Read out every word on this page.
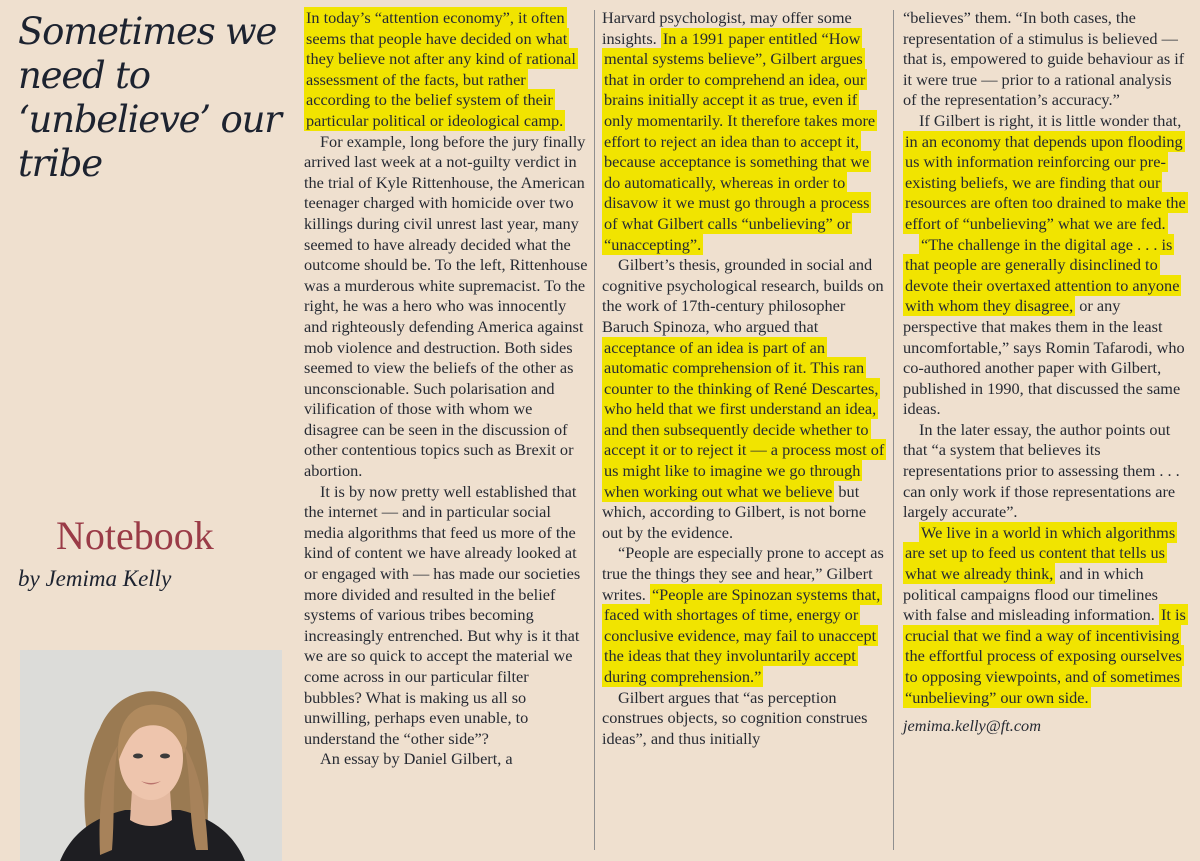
Sometimes we need to ‘unbelieve’ our tribe
Notebook
by Jemima Kelly

In today’s “attention economy”, it often seems that people have decided on what they believe not after any kind of rational assessment of the facts, but rather according to the belief system of their particular political or ideological camp.

For example, long before the jury finally arrived last week at a not-guilty verdict in the trial of Kyle Rittenhouse, the American teenager charged with homicide over two killings during civil unrest last year, many seemed to have already decided what the outcome should be. To the left, Rittenhouse was a murderous white supremacist. To the right, he was a hero who was innocently and righteously defending America against mob violence and destruction. Both sides seemed to view the beliefs of the other as unconscionable. Such polarisation and vilification of those with whom we disagree can be seen in the discussion of other contentious topics such as Brexit or abortion.

It is by now pretty well established that the internet — and in particular social media algorithms that feed us more of the kind of content we have already looked at or engaged with — has made our societies more divided and resulted in the belief systems of various tribes becoming increasingly entrenched. But why is it that we are so quick to accept the material we come across in our particular filter bubbles? What is making us all so unwilling, perhaps even unable, to understand the “other side”?

An essay by Daniel Gilbert, a

Harvard psychologist, may offer some insights. In a 1991 paper entitled “How mental systems believe”, Gilbert argues that in order to comprehend an idea, our brains initially accept it as true, even if only momentarily. It therefore takes more effort to reject an idea than to accept it, because acceptance is something that we do automatically, whereas in order to disavow it we must go through a process of what Gilbert calls “unbelieving” or “unaccepting”.

Gilbert’s thesis, grounded in social and cognitive psychological research, builds on the work of 17th-century philosopher Baruch Spinoza, who argued that acceptance of an idea is part of an automatic comprehension of it. This ran counter to the thinking of René Descartes, who held that we first understand an idea, and then subsequently decide whether to accept it or to reject it — a process most of us might like to imagine we go through when working out what we believe but which, according to Gilbert, is not borne out by the evidence.

“People are especially prone to accept as true the things they see and hear,” Gilbert writes. “People are Spinozan systems that, faced with shortages of time, energy or conclusive evidence, may fail to unaccept the ideas that they involuntarily accept during comprehension.”

Gilbert argues that “as perception construes objects, so cognition construes ideas”, and thus initially

“believes” them. “In both cases, the representation of a stimulus is believed — that is, empowered to guide behaviour as if it were true — prior to a rational analysis of the representation’s accuracy.”

If Gilbert is right, it is little wonder that, in an economy that depends upon flooding us with information reinforcing our pre-existing beliefs, we are finding that our resources are often too drained to make the effort of “unbelieving” what we are fed.

“The challenge in the digital age . . . is that people are generally disinclined to devote their overtaxed attention to anyone with whom they disagree, or any perspective that makes them in the least uncomfortable,” says Romin Tafarodi, who co-authored another paper with Gilbert, published in 1990, that discussed the same ideas.

In the later essay, the author points out that “a system that believes its representations prior to assessing them . . . can only work if those representations are largely accurate”.

We live in a world in which algorithms are set up to feed us content that tells us what we already think, and in which political campaigns flood our timelines with false and misleading information. It is crucial that we find a way of incentivising the effortful process of exposing ourselves to opposing viewpoints, and of sometimes “unbelieving” our own side.

jemima.kelly@ft.com
